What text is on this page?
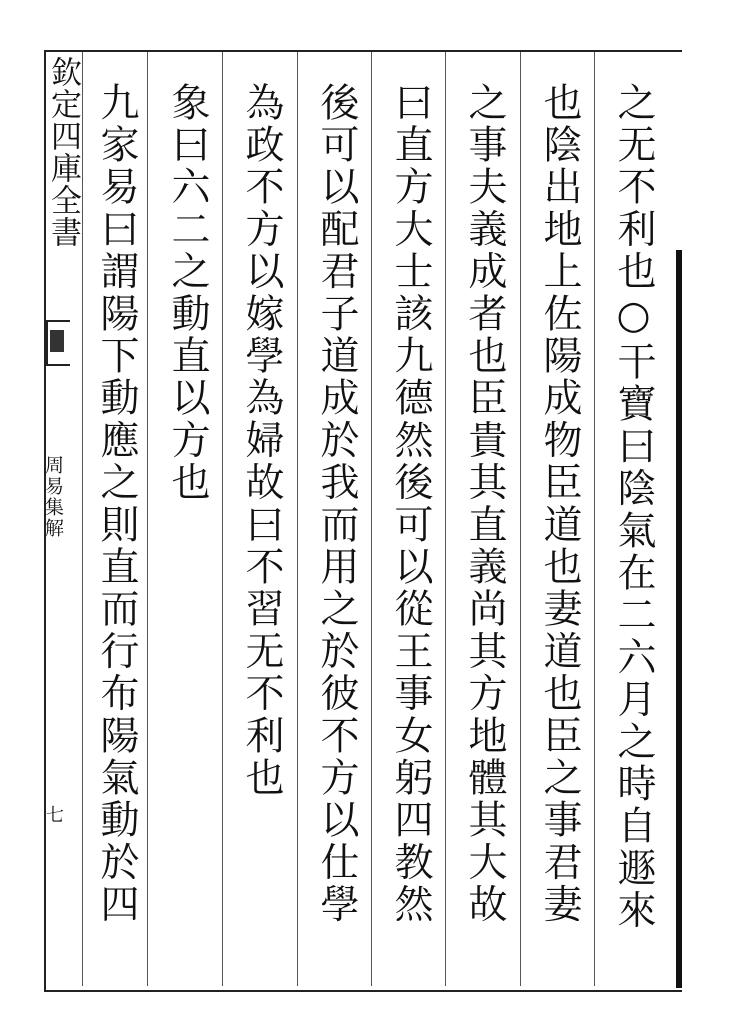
欽定四庫全書
周易集解
七	之无不利也○干寶曰陰氣在二六月之時自遯來
也陰出地上佐陽成物臣道也妻道也臣之事君妻
之事夫義成者也臣貴其直義尚其方地體其大故
曰直方大士該九德然後可以從王事女躬四教然
後可以配君子道成於我而用之於彼不方以仕學
為政不方以嫁學為婦故曰不習无不利也
象曰六二之動直以方也
九家易曰謂陽下動應之則直而行布陽氣動於四
